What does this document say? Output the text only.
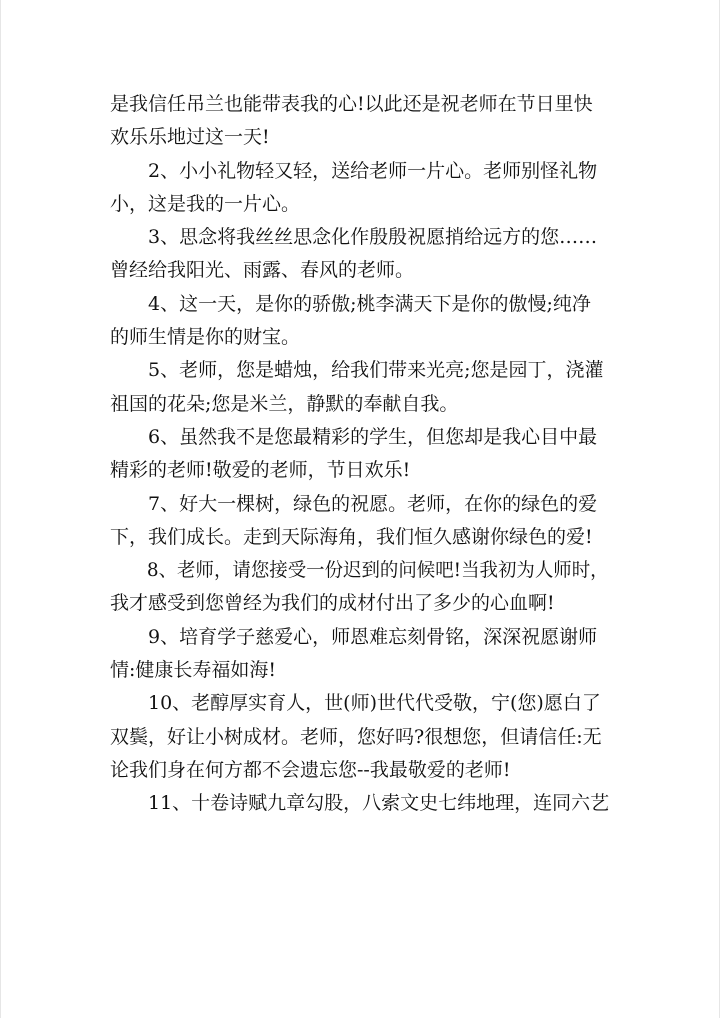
是我信任吊兰也能带表我的心!以此还是祝老师在节日里快
欢乐乐地过这一天!
2、小小礼物轻又轻，送给老师一片心。老师别怪礼物
小，这是我的一片心。
3、思念将我丝丝思念化作殷殷祝愿捎给远方的您……
曾经给我阳光、雨露、春风的老师。
4、这一天，是你的骄傲;桃李满天下是你的傲慢;纯净
的师生情是你的财宝。
5、老师，您是蜡烛，给我们带来光亮;您是园丁，浇灌
祖国的花朵;您是米兰，静默的奉献自我。
6、虽然我不是您最精彩的学生，但您却是我心目中最
精彩的老师!敬爱的老师，节日欢乐!
7、好大一棵树，绿色的祝愿。老师，在你的绿色的爱
下，我们成长。走到天际海角，我们恒久感谢你绿色的爱!
8、老师，请您接受一份迟到的问候吧!当我初为人师时，
我才感受到您曾经为我们的成材付出了多少的心血啊!
9、培育学子慈爱心，师恩难忘刻骨铭，深深祝愿谢师
情:健康长寿福如海!
10、老醇厚实育人，世(师)世代代受敬，宁(您)愿白了
双鬓，好让小树成材。老师，您好吗?很想您，但请信任:无
论我们身在何方都不会遗忘您--我最敬爱的老师!
11、十卷诗赋九章勾股，八索文史七纬地理，连同六艺
